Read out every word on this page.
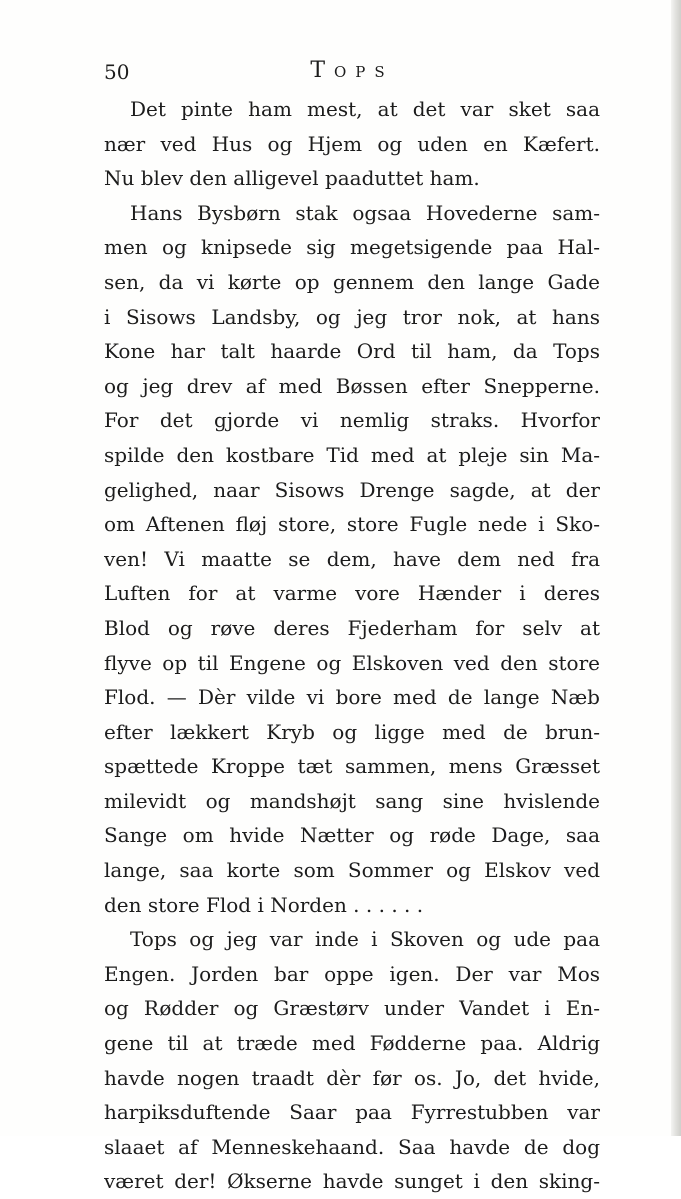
50	Tops
Det pinte ham mest, at det var sket saa
nær ved Hus og Hjem og uden en Kæfert.
Nu blev den alligevel paaduttet ham.
Hans Bysbørn stak ogsaa Hovederne sam-
men og knipsede sig megetsigende paa Hal-
sen, da vi kørte op gennem den lange Gade
i Sisows Landsby, og jeg tror nok, at hans
Kone har talt haarde Ord til ham, da Tops
og jeg drev af med Bøssen efter Snepperne.
For det gjorde vi nemlig straks. Hvorfor
spilde den kostbare Tid med at pleje sin Ma-
gelighed, naar Sisows Drenge sagde, at der
om Aftenen fløj store, store Fugle nede i Sko-
ven! Vi maatte se dem, have dem ned fra
Luften for at varme vore Hænder i deres
Blod og røve deres Fjederham for selv at
flyve op til Engene og Elskoven ved den store
Flod. — Dèr vilde vi bore med de lange Næb
efter lækkert Kryb og ligge med de brun-
spættede Kroppe tæt sammen, mens Græsset
milevidt og mandshøjt sang sine hvislende
Sange om hvide Nætter og røde Dage, saa
lange, saa korte som Sommer og Elskov ved
den store Flod i Norden . . . . . .
Tops og jeg var inde i Skoven og ude paa
Engen. Jorden bar oppe igen. Der var Mos
og Rødder og Græstørv under Vandet i En-
gene til at træde med Fødderne paa. Aldrig
havde nogen traadt dèr før os. Jo, det hvide,
harpiksduftende Saar paa Fyrrestubben var
slaaet af Menneskehaand. Saa havde de dog
været der! Økserne havde sunget i den sking-
